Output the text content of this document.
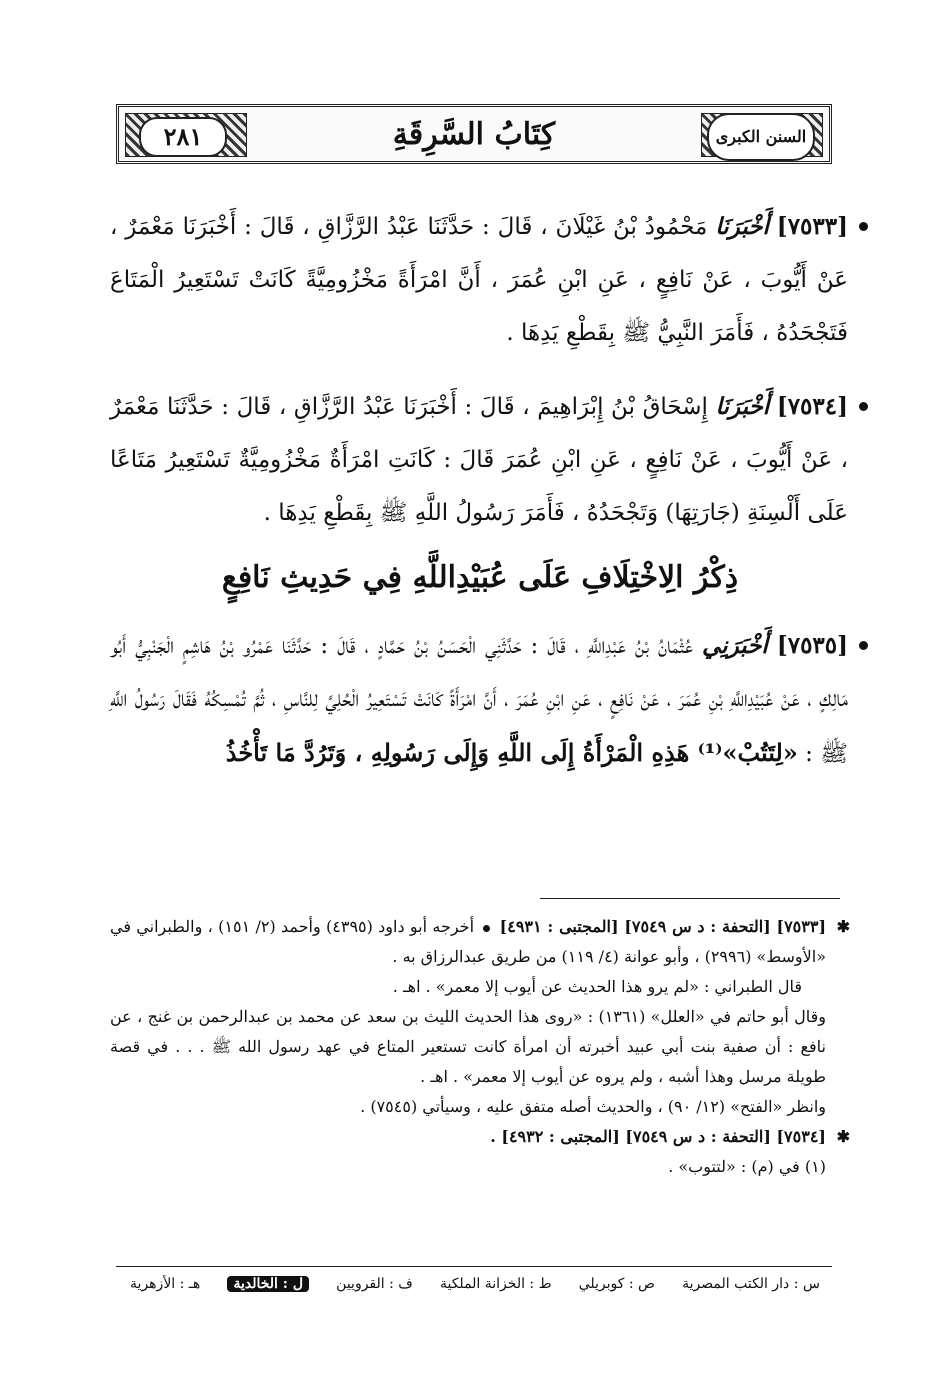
السنن الكبرى
كِتَابُ السَّرِقَةِ
٢٨١
[٧٥٣٣] أَخْبَرَنَا مَحْمُودُ بْنُ غَيْلَانَ ، قَالَ : حَدَّثَنَا عَبْدُ الرَّزَّاقِ ، قَالَ : أَخْبَرَنَا مَعْمَرٌ ، عَنْ أَيُّوبَ ، عَنْ نَافِعٍ ، عَنِ ابْنِ عُمَرَ ، أَنَّ امْرَأَةً مَخْزُومِيَّةً كَانَتْ تَسْتَعِيرُ الْمَتَاعَ فَتَجْحَدُهُ ، فَأَمَرَ النَّبِيُّ ﷺ بِقَطْعِ يَدِهَا .
[٧٥٣٤] أَخْبَرَنَا إِسْحَاقُ بْنُ إِبْرَاهِيمَ ، قَالَ : أَخْبَرَنَا عَبْدُ الرَّزَّاقِ ، قَالَ : حَدَّثَنَا مَعْمَرٌ ، عَنْ أَيُّوبَ ، عَنْ نَافِعٍ ، عَنِ ابْنِ عُمَرَ قَالَ : كَانَتِ امْرَأَةٌ مَخْزُومِيَّةٌ تَسْتَعِيرُ مَتَاعًا عَلَى أَلْسِنَةِ (جَارَتِهَا) وَتَجْحَدُهُ ، فَأَمَرَ رَسُولُ اللَّهِ ﷺ بِقَطْعِ يَدِهَا .
ذِكْرُ الِاخْتِلَافِ عَلَى عُبَيْدِاللَّهِ فِي حَدِيثِ نَافِعٍ
[٧٥٣٥] أَخْبَرَنِي عُثْمَانُ بْنُ عَبْدِاللَّهِ ، قَالَ : حَدَّثَنِي الْحَسَنُ بْنُ حَمَّادٍ ، قَالَ : حَدَّثَنَا عَمْرُو بْنُ هَاشِمٍ الْجَنْبِيُّ أَبُو مَالِكٍ ، عَنْ عُبَيْدِاللَّهِ بْنِ عُمَرَ ، عَنْ نَافِعٍ ، عَنِ ابْنِ عُمَرَ ، أَنَّ امْرَأَةً كَانَتْ تَسْتَعِيرُ الْحُلِيَّ لِلنَّاسِ ، ثُمَّ تُمْسِكُهُ فَقَالَ رَسُولُ اللَّهِ ﷺ : «لِتَتُبْ»⁽¹⁾ هَذِهِ الْمَرْأَةُ إِلَى اللَّهِ وَإِلَى رَسُولِهِ ، وَتَرُدَّ مَا تَأْخُذُ
✱
[٧٥٣٣] [التحفة : د س ٧٥٤٩] [المجتبى : ٤٩٣١]  أخرجه أبو داود (٤٣٩٥) وأحمد (٢/ ١٥١) ، والطبراني في «الأوسط» (٢٩٩٦) ، وأبو عوانة (٤/ ١١٩) من طريق عبدالرزاق به .
قال الطبراني : «لم يرو هذا الحديث عن أيوب إلا معمر» . اهـ .
وقال أبو حاتم في «العلل» (١٣٦١) : «روى هذا الحديث الليث بن سعد عن محمد بن عبدالرحمن بن غنج ، عن نافع : أن صفية بنت أبي عبيد أخبرته أن امرأة كانت تستعير المتاع في عهد رسول الله ﷺ . . . في قصة طويلة مرسل وهذا أشبه ، ولم يروه عن أيوب إلا معمر» . اهـ .
وانظر «الفتح» (١٢/ ٩٠) ، والحديث أصله متفق عليه ، وسيأتي (٧٥٤٥) .
✱
[٧٥٣٤] [التحفة : د س ٧٥٤٩] [المجتبى : ٤٩٣٢] .
(١) في (م) : «لتتوب» .
س : دار الكتب المصرية
ص : كوبريلي
ط : الخزانة الملكية
ف : القرويين
ل : الخالدية
هـ : الأزهرية
